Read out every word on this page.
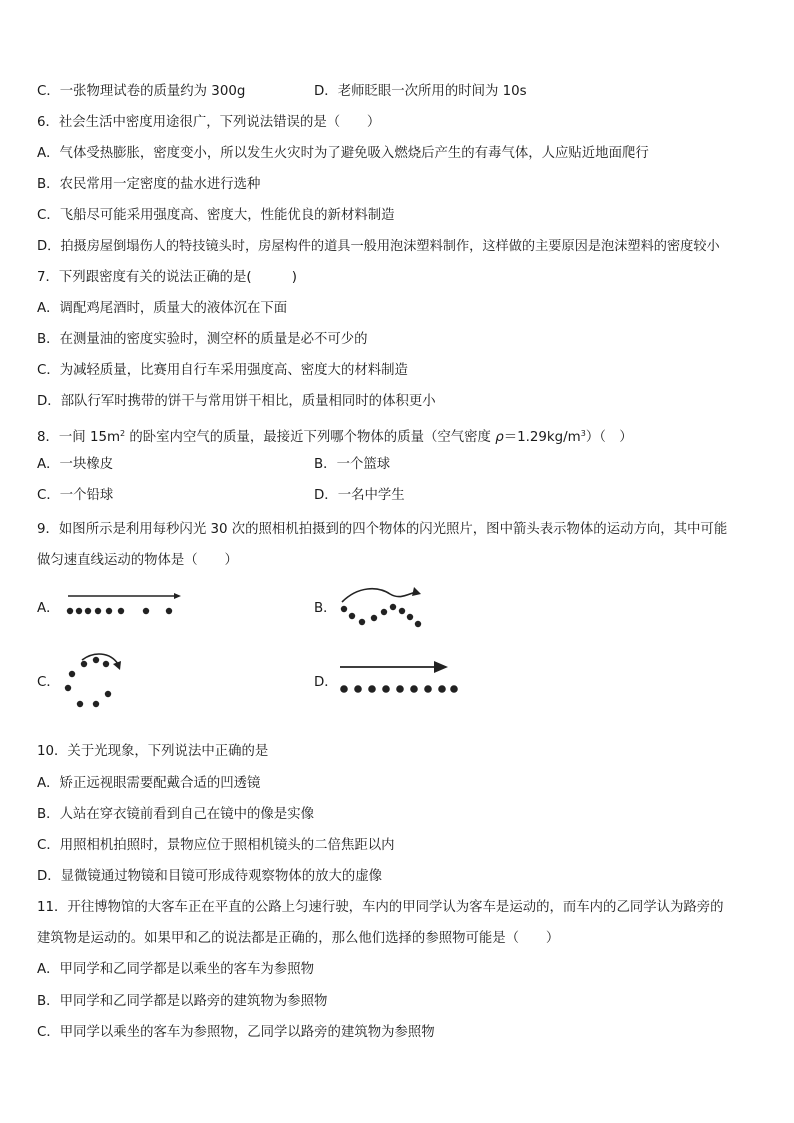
C．一张物理试卷的质量约为 300g	D．老师眨眼一次所用的时间为 10s
6．社会生活中密度用途很广，下列说法错误的是（　　）
A．气体受热膨胀，密度变小，所以发生火灾时为了避免吸入燃烧后产生的有毒气体，人应贴近地面爬行
B．农民常用一定密度的盐水进行选种
C．飞船尽可能采用强度高、密度大，性能优良的新材料制造
D．拍摄房屋倒塌伤人的特技镜头时，房屋构件的道具一般用泡沫塑料制作，这样做的主要原因是泡沫塑料的密度较小
7．下列跟密度有关的说法正确的是(　　　)
A．调配鸡尾酒时，质量大的液体沉在下面
B．在测量油的密度实验时，测空杯的质量是必不可少的
C．为减轻质量，比赛用自行车采用强度高、密度大的材料制造
D．部队行军时携带的饼干与常用饼干相比，质量相同时的体积更小
8．一间 $15m^2$ 的卧室内空气的质量，最接近下列哪个物体的质量（空气密度 $\rho=1.29kg/m^3$）（　）
A．一块橡皮	B．一个篮球
C．一个铅球	D．一名中学生
9．如图所示是利用每秒闪光 30 次的照相机拍摄到的四个物体的闪光照片，图中箭头表示物体的运动方向，其中可能
做匀速直线运动的物体是（　　）
A．	B．
C．	D．
10．关于光现象，下列说法中正确的是
A．矫正远视眼需要配戴合适的凹透镜
B．人站在穿衣镜前看到自己在镜中的像是实像
C．用照相机拍照时，景物应位于照相机镜头的二倍焦距以内
D．显微镜通过物镜和目镜可形成待观察物体的放大的虚像
11．开往博物馆的大客车正在平直的公路上匀速行驶，车内的甲同学认为客车是运动的，而车内的乙同学认为路旁的
建筑物是运动的。如果甲和乙的说法都是正确的，那么他们选择的参照物可能是（　　）
A．甲同学和乙同学都是以乘坐的客车为参照物
B．甲同学和乙同学都是以路旁的建筑物为参照物
C．甲同学以乘坐的客车为参照物，乙同学以路旁的建筑物为参照物
